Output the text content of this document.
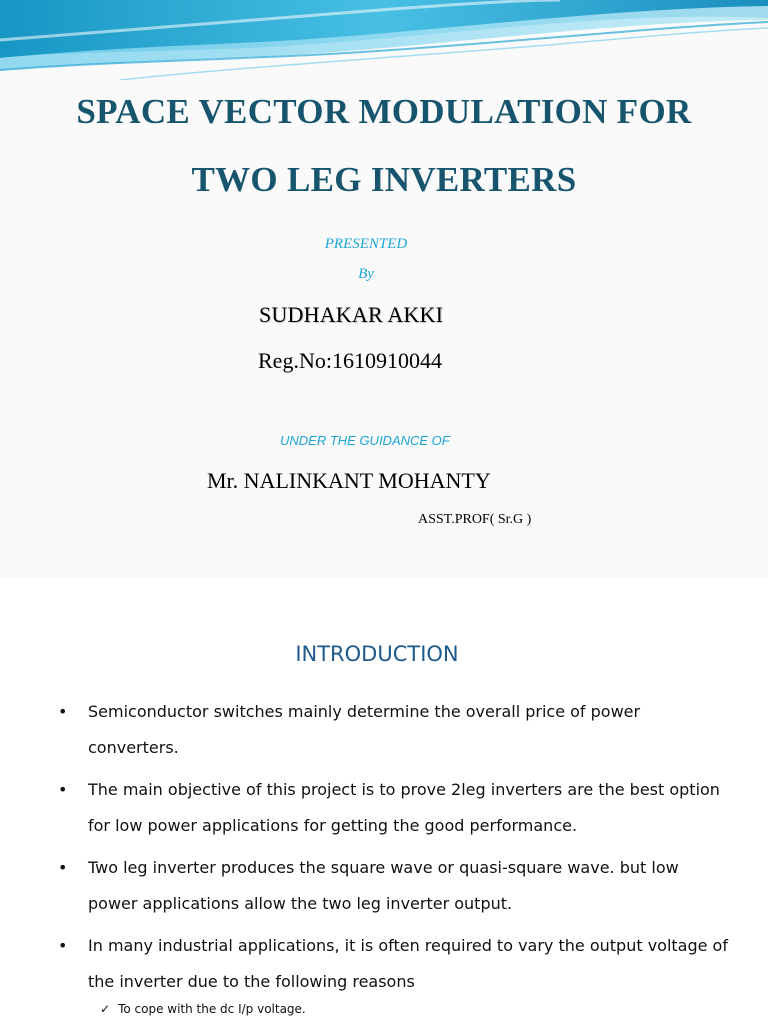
SPACE VECTOR MODULATION FOR
TWO LEG INVERTERS
PRESENTED
By
SUDHAKAR AKKI
Reg.No:1610910044
UNDER THE GUIDANCE OF
Mr. NALINKANT MOHANTY
ASST.PROF( Sr.G )
INTRODUCTION
• Semiconductor switches mainly determine the overall price of power converters.
• The main objective of this project is to prove 2leg inverters are the best option for low power applications for getting the good performance.
• Two leg inverter produces the square wave or quasi-square wave. but low power applications allow the two leg inverter output.
• In many industrial applications, it is often required to vary the output voltage of the inverter due to the following reasons
✓ To cope with the dc I/p voltage.
